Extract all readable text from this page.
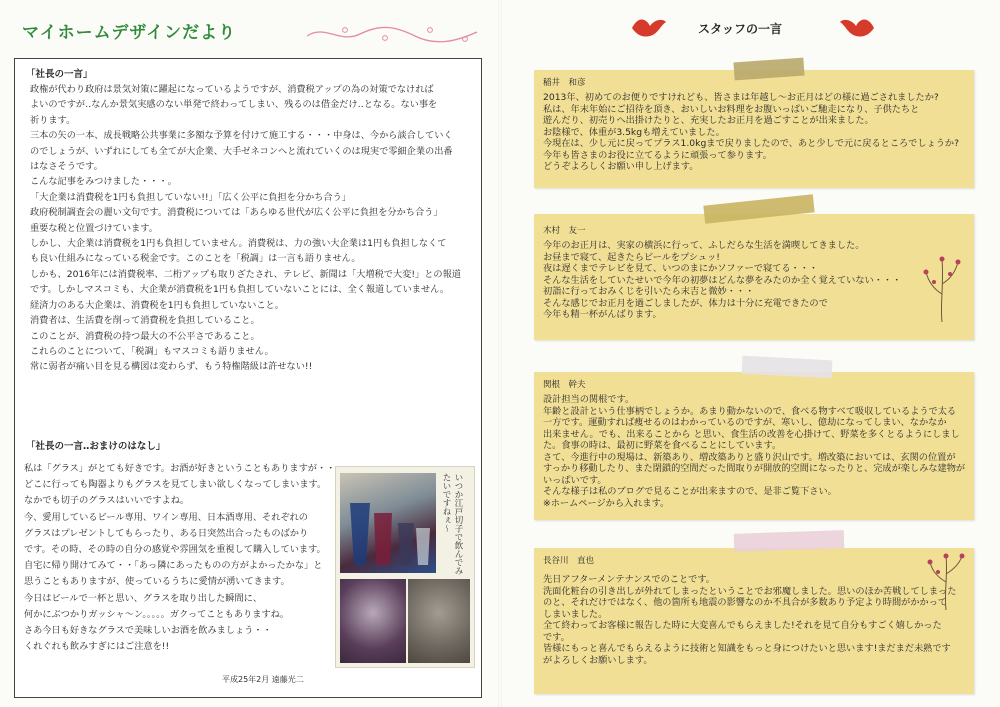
マイホームデザインだより
「社長の一言」
政権が代わり政府は景気対策に躍起になっているようですが、消費税アップの為の対策でなければ
よいのですが‥なんか景気実感のない単発で終わってしまい、残るのは借金だけ‥となる。ない事を
祈ります。
三本の矢の一本、成長戦略公共事業に多額な予算を付けて施工する・・・中身は、今から談合していく
のでしょうが、いずれにしても全てが大企業、大手ゼネコンへと流れていくのは現実で零細企業の出番
はなさそうです。
こんな記事をみつけました・・・。
「大企業は消費税を1円も負担していない!!」「広く公平に負担を分かち合う」
政府税制調査会の麗い文句です。消費税については「あらゆる世代が広く公平に負担を分かち合う」
重要な税と位置づけています。
しかし、大企業は消費税を1円も負担していません。消費税は、力の強い大企業は1円も負担しなくて
も良い仕組みになっている税金です。このことを「税調」は一言も語りません。
しかも、2016年には消費税率、二桁アップも取りざたされ、テレビ、新聞は「大増税で大変!」との報道
です。しかしマスコミも、大企業が消費税を1円も負担していないことには、全く報道していません。
経済力のある大企業は、消費税を1円も負担していないこと。
消費者は、生活費を削って消費税を負担していること。
このことが、消費税の持つ最大の不公平さであること。
これらのことについて、「税調」もマスコミも語りません。
常に弱者が痛い目を見る構図は変わらず、もう特権階級は許せない!!
「社長の一言‥おまけのはなし」
私は「グラス」がとても好きです。お酒が好きということもありますが・・
どこに行っても陶器よりもグラスを見てしまい欲しくなってしまいます。
なかでも切子のグラスはいいですよね。
今、愛用しているビール専用、ワイン専用、日本酒専用、それぞれの
グラスはプレゼントしてもらったり、ある日突然出合ったものばかり
です。その時、その時の自分の感覚や雰囲気を重視して購入しています。
自宅に帰り開けてみて・・「あっ隣にあったものの方がよかったかな」と
思うこともありますが、使っているうちに愛情が湧いてきます。
今日はビールで一杯と思い、グラスを取り出した瞬間に、
何かにぶつかりガッシャ〜ン。。。。。ガクってこともありますね。
さあ今日も好きなグラスで美味しいお酒を飲みましょう・・
くれぐれも飲みすぎにはご注意を!!
平成25年2月 遠藤光二
いつか江戸切子で飲んでみたいですねぇ〜
スタッフの一言
稲井　和彦
2013年、初めてのお便りですけれども、皆さまは年越し〜お正月はどの様に過ごされましたか?
私は、年末年始にご招待を頂き、おいしいお料理をお腹いっぱいご馳走になり、子供たちと
遊んだり、初売りへ出掛けたりと、充実したお正月を過ごすことが出来ました。
お陰様で、体重が3.5kgも増えていました。
今現在は、少し元に戻ってプラス1.0kgまで戻りましたので、あと少しで元に戻るところでしょうか?
今年も皆さまのお役に立てるように頑張って参ります。
どうぞよろしくお願い申し上げます。
木村　友一
今年のお正月は、実家の横浜に行って、ふしだらな生活を満喫してきました。
お昼まで寝て、起きたらビールをプシュッ!
夜は遅くまでテレビを見て、いつのまにかソファーで寝てる・・・
そんな生活をしていたせいで今年の初夢はどんな夢をみたのか全く覚えていない・・・
初詣に行っておみくじを引いたら末吉と微妙・・・
そんな感じでお正月を過ごしましたが、体力は十分に充電できたので
今年も精一杯がんばります。
関根　幹夫
設計担当の関根です。
年齢と設計という仕事柄でしょうか。あまり動かないので、食べる物すべて吸収しているようで太る
一方です。運動すれば痩せるのはわかっているのですが、寒いし、億劫になってしまい、なかなか
出来ません。でも、出来ることから と思い、食生活の改善を心掛けて、野菜を多くとるようにしまし
た。食事の時は、最初に野菜を食べることにしています。
さて、今進行中の現場は、新築あり、増改築ありと盛り沢山です。増改築においては、玄関の位置が
すっかり移動したり、また閉鎖的空間だった間取りが開放的空間になったりと、完成が楽しみな建物が
いっぱいです。
そんな様子は私のブログで見ることが出来ますので、是非ご覧下さい。
※ホームページから入れます。
長谷川　直也
先日アフターメンテナンスでのことです。
洗面化粧台の引き出しが外れてしまったということでお邪魔しました。思いのほか苦戦してしまった
のと、それだけではなく、他の箇所も地震の影響なのか不具合が多数あり予定より時間がかかって
しまいました。
全て終わってお客様に報告した時に大変喜んでもらえました!それを見て自分もすごく嬉しかった
です。
皆様にもっと喜んでもらえるように技術と知識をもっと身につけたいと思います!まだまだ未熟です
がよろしくお願いします。
